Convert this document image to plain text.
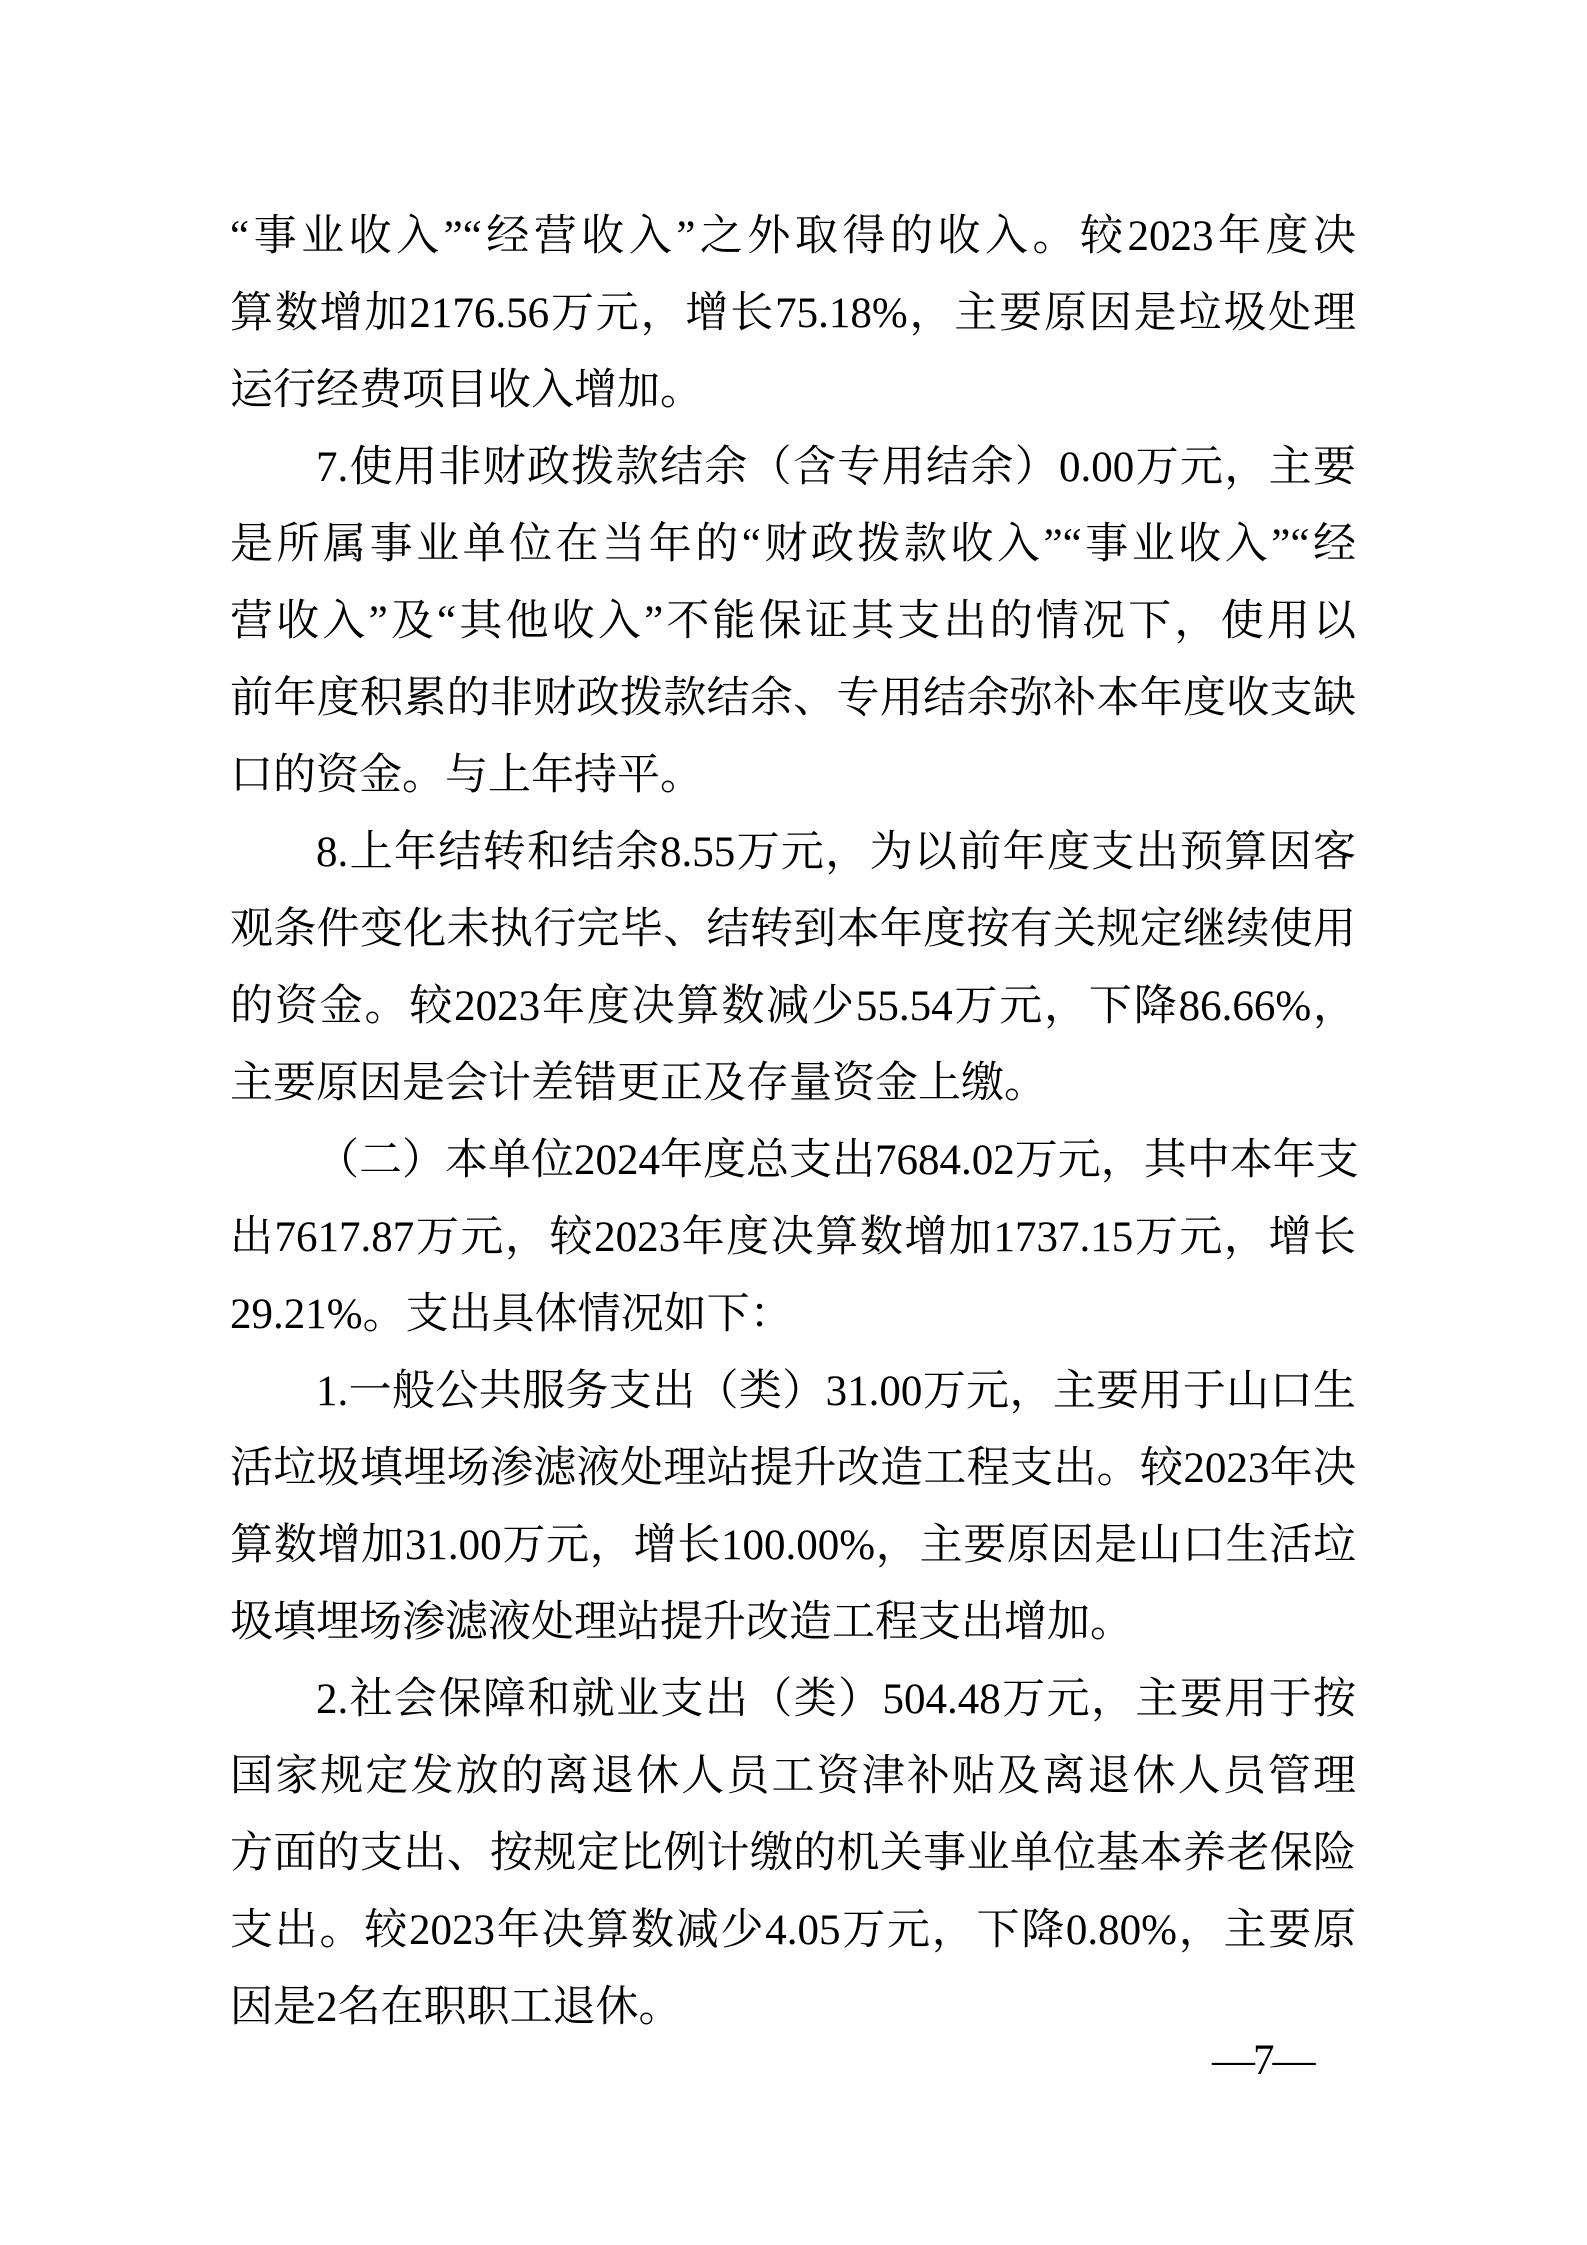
“事业收入”“经营收入”之外取得的收入。较2023年度决
算数增加2176.56万元，增长75.18%，主要原因是垃圾处理
运行经费项目收入增加。
7.使用非财政拨款结余（含专用结余）0.00万元，主要
是所属事业单位在当年的“财政拨款收入”“事业收入”“经
营收入”及“其他收入”不能保证其支出的情况下，使用以
前年度积累的非财政拨款结余、专用结余弥补本年度收支缺
口的资金。与上年持平。
8.上年结转和结余8.55万元，为以前年度支出预算因客
观条件变化未执行完毕、结转到本年度按有关规定继续使用
的资金。较2023年度决算数减少55.54万元，下降86.66%，
主要原因是会计差错更正及存量资金上缴。
（二）本单位2024年度总支出7684.02万元，其中本年支
出7617.87万元，较2023年度决算数增加1737.15万元，增长
29.21%。支出具体情况如下：
1.一般公共服务支出（类）31.00万元，主要用于山口生
活垃圾填埋场渗滤液处理站提升改造工程支出。较2023年决
算数增加31.00万元，增长100.00%，主要原因是山口生活垃
圾填埋场渗滤液处理站提升改造工程支出增加。
2.社会保障和就业支出（类）504.48万元，主要用于按
国家规定发放的离退休人员工资津补贴及离退休人员管理
方面的支出、按规定比例计缴的机关事业单位基本养老保险
支出。较2023年决算数减少4.05万元，下降0.80%，主要原
因是2名在职职工退休。
—7—
